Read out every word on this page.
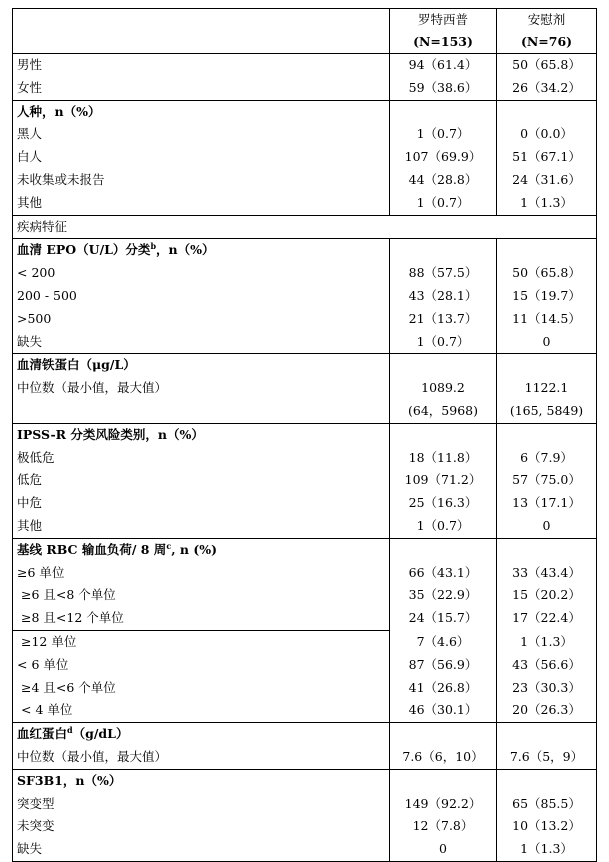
	罗特西普	安慰剂
	(N=153)	(N=76)
男性	94（61.4）	50（65.8）
女性	59（38.6）	26（34.2）
人种，n（%）		
黑人	1（0.7）	0（0.0）
白人	107（69.9）	51（67.1）
未收集或未报告	44（28.8）	24（31.6）
其他	1（0.7）	1（1.3）
疾病特征		
血清 EPO（U/L）分类$^b$，n（%）		
< 200	88（57.5）	50（65.8）
200 - 500	43（28.1）	15（19.7）
>500	21（13.7）	11（14.5）
缺失	1（0.7）	0
血清铁蛋白（μg/L）		
中位数（最小值，最大值）	1089.2	1122.1
	(64，5968)	(165, 5849)
IPSS-R 分类风险类别，n（%）		
极低危	18（11.8）	6（7.9）
低危	109（71.2）	57（75.0）
中危	25（16.3）	13（17.1）
其他	1（0.7）	0
基线 RBC 输血负荷/ 8 周$^c$, n (%)		
≥6 单位	66（43.1）	33（43.4）
≥6 且<8 个单位	35（22.9）	15（20.2）
≥8 且<12 个单位	24（15.7）	17（22.4）
≥12 单位	7（4.6）	1（1.3）
< 6 单位	87（56.9）	43（56.6）
≥4 且<6 个单位	41（26.8）	23（30.3）
< 4 单位	46（30.1）	20（26.3）
血红蛋白$^d$（g/dL）		
中位数（最小值，最大值）	7.6（6，10）	7.6（5，9）
SF3B1，n（%）		
突变型	149（92.2）	65（85.5）
未突变	12（7.8）	10（13.2）
缺失	0	1（1.3）
